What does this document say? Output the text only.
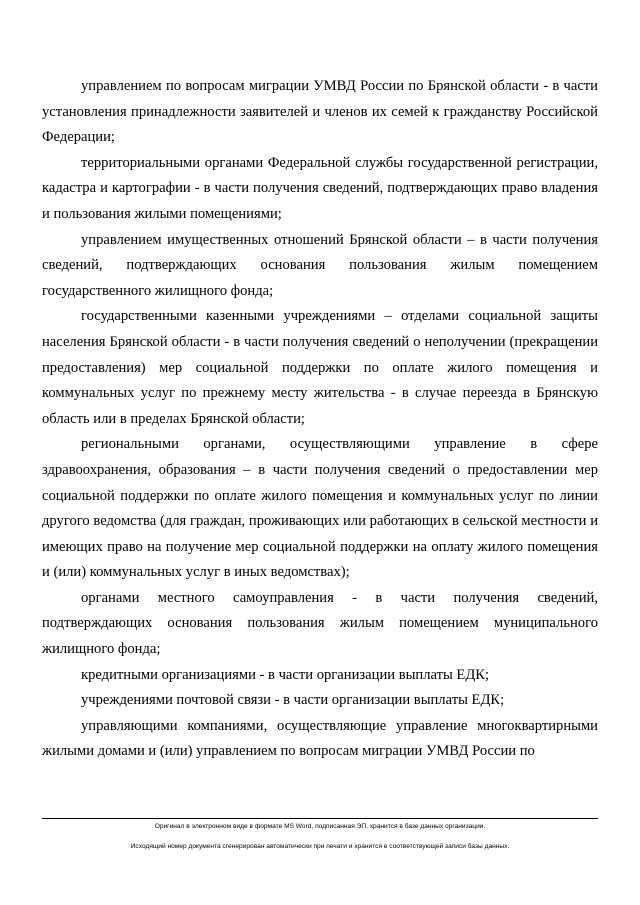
управлением по вопросам миграции УМВД России по Брянской области - в части установления принадлежности заявителей и членов их семей к гражданству Российской Федерации;

территориальными органами Федеральной службы государственной регистрации, кадастра и картографии - в части получения сведений, подтверждающих право владения и пользования жилыми помещениями;

управлением имущественных отношений Брянской области – в части получения сведений, подтверждающих основания пользования жилым помещением государственного жилищного фонда;

государственными казенными учреждениями – отделами социальной защиты населения Брянской области - в части получения сведений о неполучении (прекращении предоставления) мер социальной поддержки по оплате жилого помещения и коммунальных услуг по прежнему месту жительства - в случае переезда в Брянскую область или в пределах Брянской области;

региональными органами, осуществляющими управление в сфере здравоохранения, образования – в части получения сведений о предоставлении мер социальной поддержки по оплате жилого помещения и коммунальных услуг по линии другого ведомства (для граждан, проживающих или работающих в сельской местности и имеющих право на получение мер социальной поддержки на оплату жилого помещения и (или) коммунальных услуг в иных ведомствах);

органами местного самоуправления - в части получения сведений, подтверждающих основания пользования жилым помещением муниципального жилищного фонда;

кредитными организациями - в части организации выплаты ЕДК;

учреждениями почтовой связи - в части организации выплаты ЕДК;

управляющими компаниями, осуществляющие управление многоквартирными жилыми домами и (или) управлением по вопросам миграции УМВД России по

Оригинал в электронном виде в формате MS Word, подписанная ЭП, хранится в базе данных организации.
Исходящий номер документа сгенерирован автоматически при печати и хранится в соответствующей записи базы данных.
